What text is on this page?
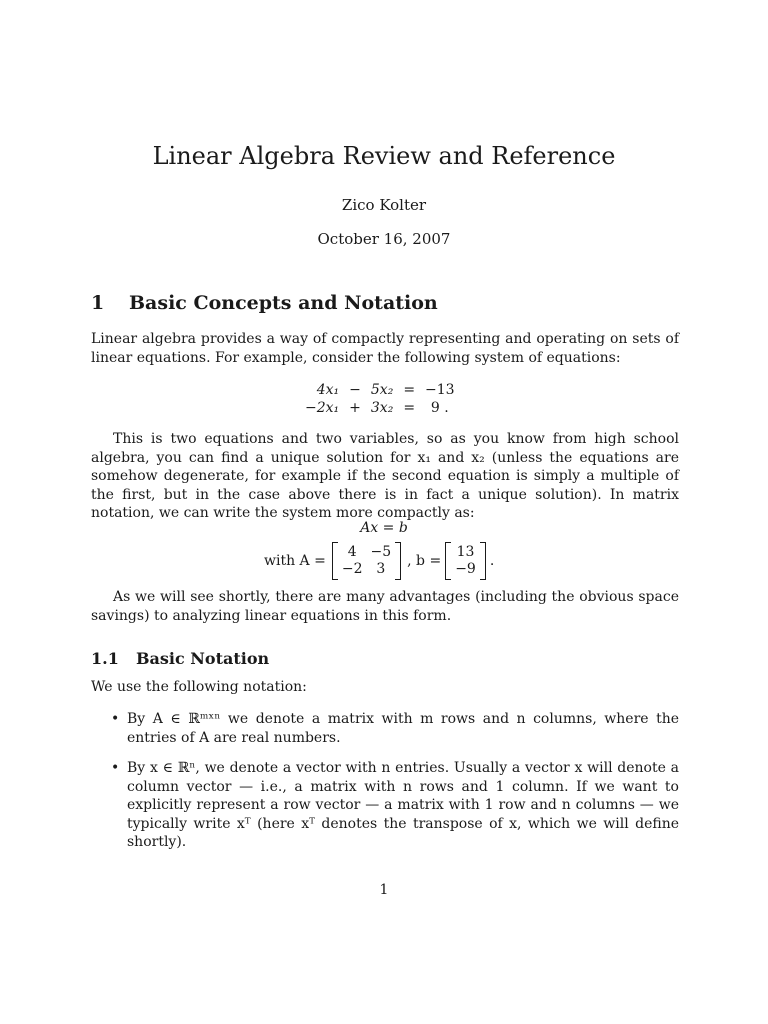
Linear Algebra Review and Reference
Zico Kolter
October 16, 2007
1 Basic Concepts and Notation
Linear algebra provides a way of compactly representing and operating on sets of linear equations. For example, consider the following system of equations:
4x₁	−	5x₂	=	−13
−2x₁	+	3x₂	=	9 .
This is two equations and two variables, so as you know from high school algebra, you can find a unique solution for x₁ and x₂ (unless the equations are somehow degenerate, for example if the second equation is simply a multiple of the first, but in the case above there is in fact a unique solution). In matrix notation, we can write the system more compactly as:
Ax = b
with A =
4	−5
−2	3 , b =
13
−9 .
As we will see shortly, there are many advantages (including the obvious space savings) to analyzing linear equations in this form.
1.1 Basic Notation
We use the following notation:
• By A ∈ ℝᵐˣⁿ we denote a matrix with m rows and n columns, where the entries of A are real numbers.
• By x ∈ ℝⁿ, we denote a vector with n entries. Usually a vector x will denote a column vector — i.e., a matrix with n rows and 1 column. If we want to explicitly represent a row vector — a matrix with 1 row and n columns — we typically write xᵀ (here xᵀ denotes the transpose of x, which we will define shortly).
1
